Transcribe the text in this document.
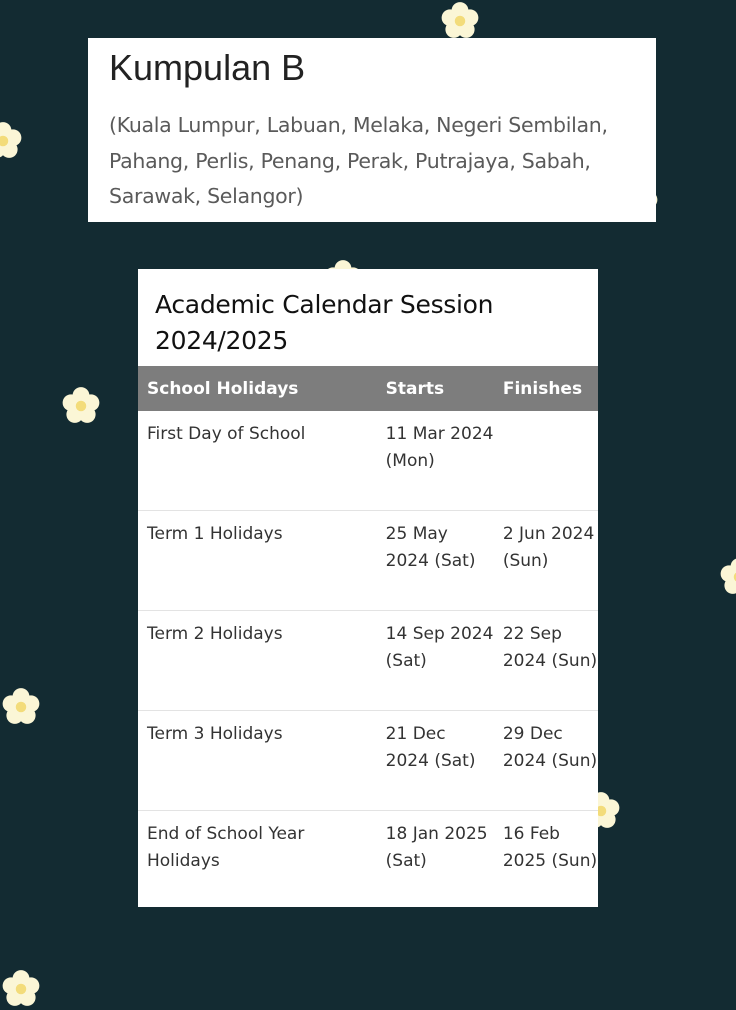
Kumpulan B
(Kuala Lumpur, Labuan, Melaka, Negeri Sembilan, Pahang, Perlis, Penang, Perak, Putrajaya, Sabah, Sarawak, Selangor)
Academic Calendar Session 2024/2025
School Holidays	Starts	Finishes
First Day of School	11 Mar 2024 (Mon)	
Term 1 Holidays	25 May 2024 (Sat)	2 Jun 2024 (Sun)
Term 2 Holidays	14 Sep 2024 (Sat)	22 Sep 2024 (Sun)
Term 3 Holidays	21 Dec 2024 (Sat)	29 Dec 2024 (Sun)
End of School Year Holidays	18 Jan 2025 (Sat)	16 Feb 2025 (Sun)
